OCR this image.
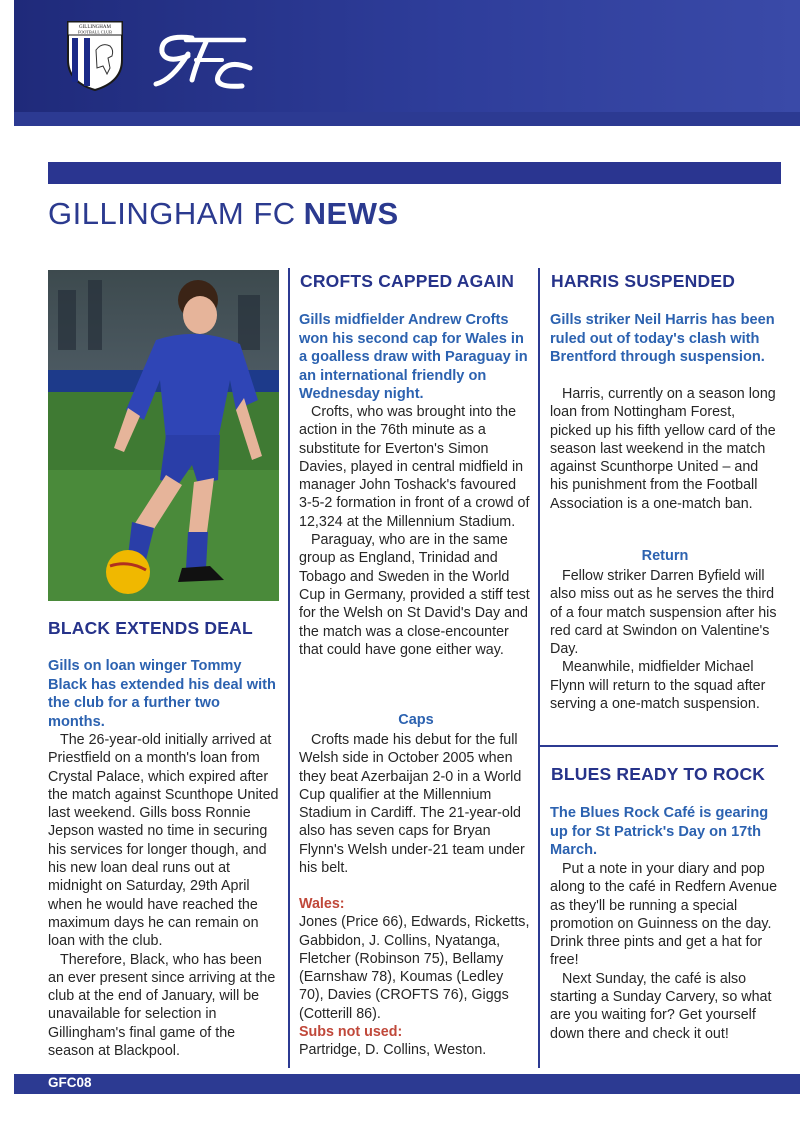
GILLINGHAM
FOOTBALL CLUB
GILLINGHAM FC NEWS
BLACK EXTENDS DEAL
Gills on loan winger Tommy Black has extended his deal with the club for a further two months.

The 26-year-old initially arrived at Priestfield on a month's loan from Crystal Palace, which expired after the match against Scunthope United last weekend. Gills boss Ronnie Jepson wasted no time in securing his services for longer though, and his new loan deal runs out at midnight on Saturday, 29th April when he would have reached the maximum days he can remain on loan with the club.

Therefore, Black, who has been an ever present since arriving at the club at the end of January, will be unavailable for selection in Gillingham's final game of the season at Blackpool.

CROFTS CAPPED AGAIN
Gills midfielder Andrew Crofts won his second cap for Wales in a goalless draw with Paraguay in an international friendly on Wednesday night.

Crofts, who was brought into the action in the 76th minute as a substitute for Everton's Simon Davies, played in central midfield in manager John Toshack's favoured 3-5-2 formation in front of a crowd of 12,324 at the Millennium Stadium.

Paraguay, who are in the same group as England, Trinidad and Tobago and Sweden in the World Cup in Germany, provided a stiff test for the Welsh on St David's Day and the match was a close-encounter that could have gone either way.

Caps

Crofts made his debut for the full Welsh side in October 2005 when they beat Azerbaijan 2-0 in a World Cup qualifier at the Millennium Stadium in Cardiff. The 21-year-old also has seven caps for Bryan Flynn's Welsh under-21 team under his belt.

Wales:
Jones (Price 66), Edwards, Ricketts, Gabbidon, J. Collins, Nyatanga, Fletcher (Robinson 75), Bellamy (Earnshaw 78), Koumas (Ledley 70), Davies (CROFTS 76), Giggs (Cotterill 86).
Subs not used:
Partridge, D. Collins, Weston.
HARRIS SUSPENDED
Gills striker Neil Harris has been ruled out of today's clash with Brentford through suspension.

Harris, currently on a season long loan from Nottingham Forest, picked up his fifth yellow card of the season last weekend in the match against Scunthorpe United – and his punishment from the Football Association is a one-match ban.

Return

Fellow striker Darren Byfield will also miss out as he serves the third of a four match suspension after his red card at Swindon on Valentine's Day.

Meanwhile, midfielder Michael Flynn will return to the squad after serving a one-match suspension.

BLUES READY TO ROCK
The Blues Rock Café is gearing up for St Patrick's Day on 17th March.

Put a note in your diary and pop along to the café in Redfern Avenue as they'll be running a special promotion on Guinness on the day. Drink three pints and get a hat for free!

Next Sunday, the café is also starting a Sunday Carvery, so what are you waiting for? Get yourself down there and check it out!

GFC08
